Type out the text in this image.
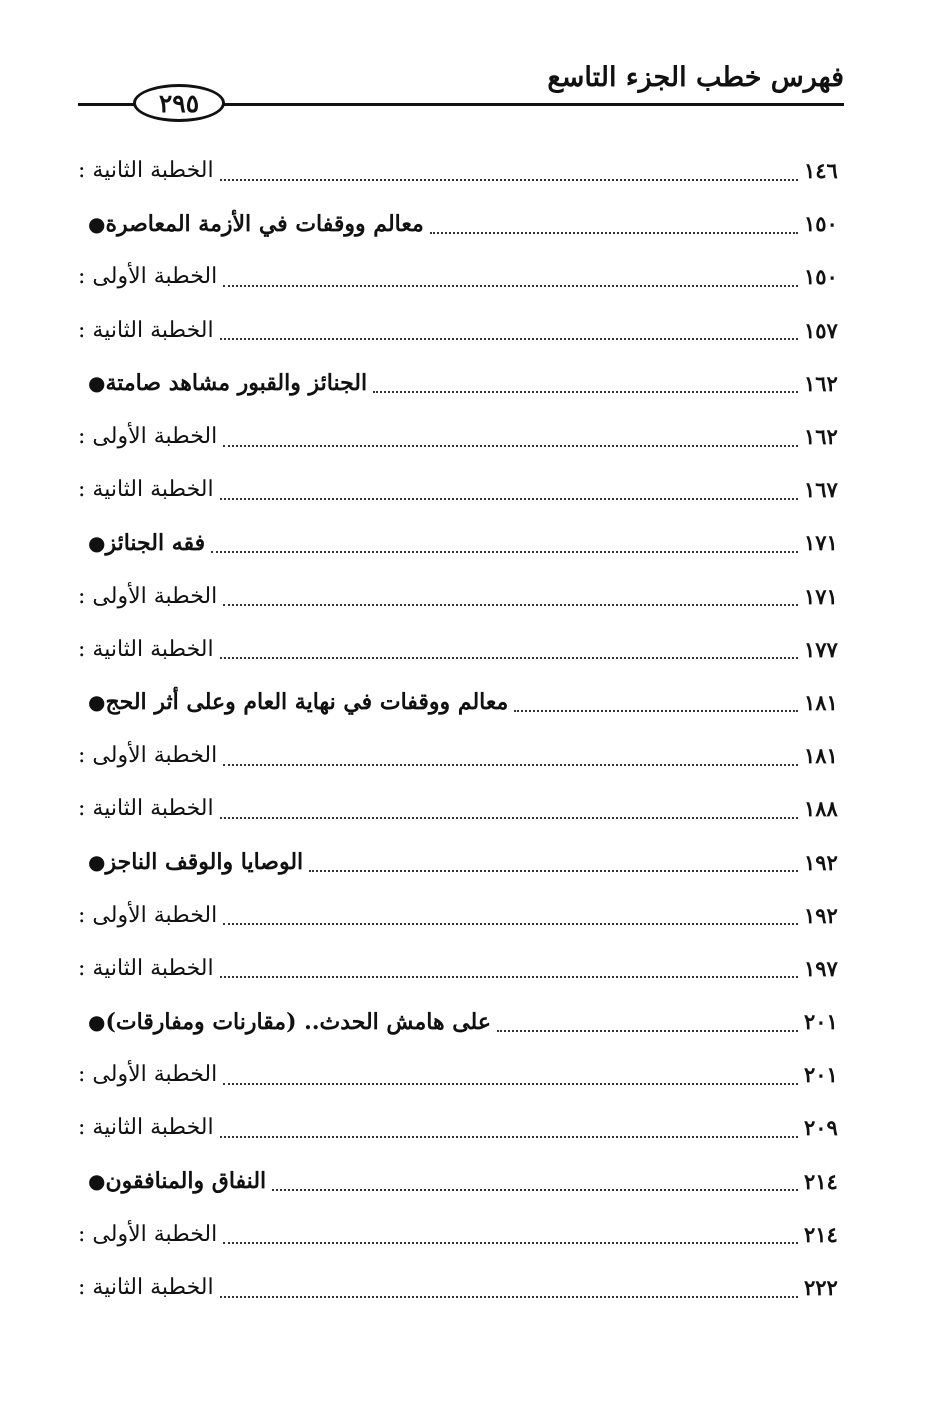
فهرس خطب الجزء التاسع
٢٩٥
الخطبة الثانية :	١٤٦
● معالم ووقفات في الأزمة المعاصرة	١٥٠
الخطبة الأولى :	١٥٠
الخطبة الثانية :	١٥٧
● الجنائز والقبور مشاهد صامتة	١٦٢
الخطبة الأولى :	١٦٢
الخطبة الثانية :	١٦٧
● فقه الجنائز	١٧١
الخطبة الأولى :	١٧١
الخطبة الثانية :	١٧٧
● معالم ووقفات في نهاية العام وعلى أثر الحج	١٨١
الخطبة الأولى :	١٨١
الخطبة الثانية :	١٨٨
● الوصايا والوقف الناجز	١٩٢
الخطبة الأولى :	١٩٢
الخطبة الثانية :	١٩٧
● على هامش الحدث.. (مقارنات ومفارقات)	٢٠١
الخطبة الأولى :	٢٠١
الخطبة الثانية :	٢٠٩
● النفاق والمنافقون	٢١٤
الخطبة الأولى :	٢١٤
الخطبة الثانية :	٢٢٢
